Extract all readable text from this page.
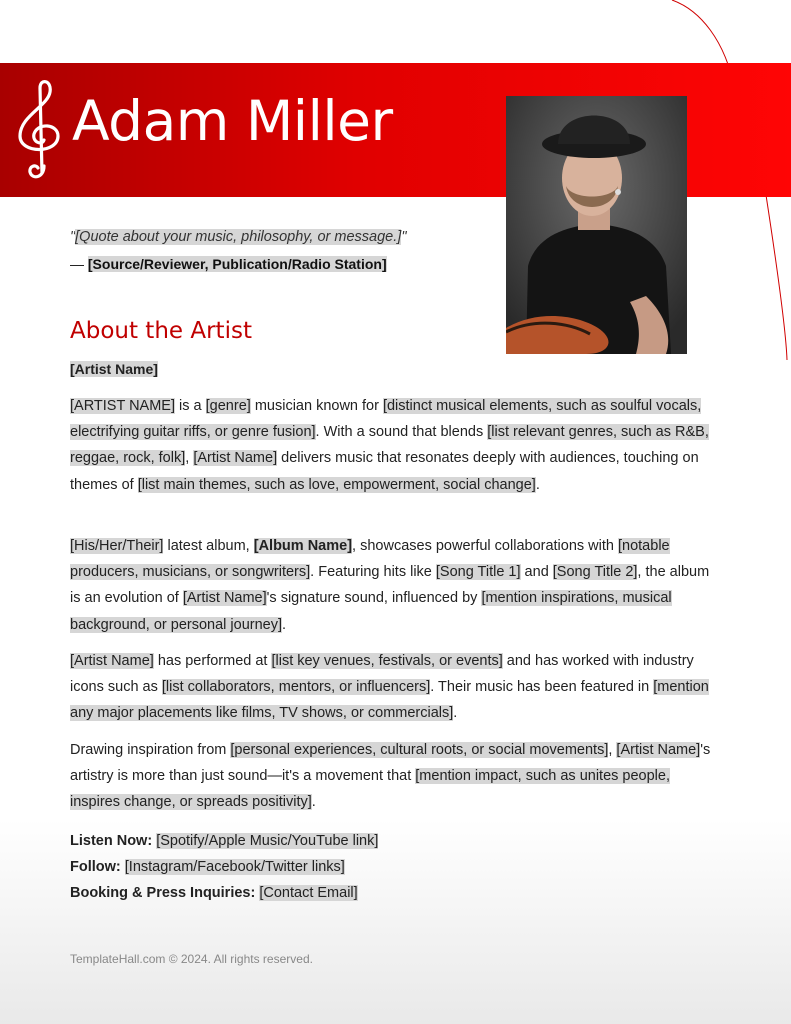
Adam Miller
"[Quote about your music, philosophy, or message.]"
— [Source/Reviewer, Publication/Radio Station]
About the Artist
[Artist Name]

[ARTIST NAME] is a [genre] musician known for [distinct musical elements, such as soulful vocals, electrifying guitar riffs, or genre fusion]. With a sound that blends [list relevant genres, such as R&B, reggae, rock, folk], [Artist Name] delivers music that resonates deeply with audiences, touching on themes of [list main themes, such as love, empowerment, social change].

[His/Her/Their] latest album, [Album Name], showcases powerful collaborations with [notable producers, musicians, or songwriters]. Featuring hits like [Song Title 1] and [Song Title 2], the album is an evolution of [Artist Name]'s signature sound, influenced by [mention inspirations, musical background, or personal journey].

[Artist Name] has performed at [list key venues, festivals, or events] and has worked with industry icons such as [list collaborators, mentors, or influencers]. Their music has been featured in [mention any major placements like films, TV shows, or commercials].

Drawing inspiration from [personal experiences, cultural roots, or social movements], [Artist Name]'s artistry is more than just sound—it's a movement that [mention impact, such as unites people, inspires change, or spreads positivity].

Listen Now: [Spotify/Apple Music/YouTube link]
Follow: [Instagram/Facebook/Twitter links]
Booking & Press Inquiries: [Contact Email]
TemplateHall.com © 2024. All rights reserved.
